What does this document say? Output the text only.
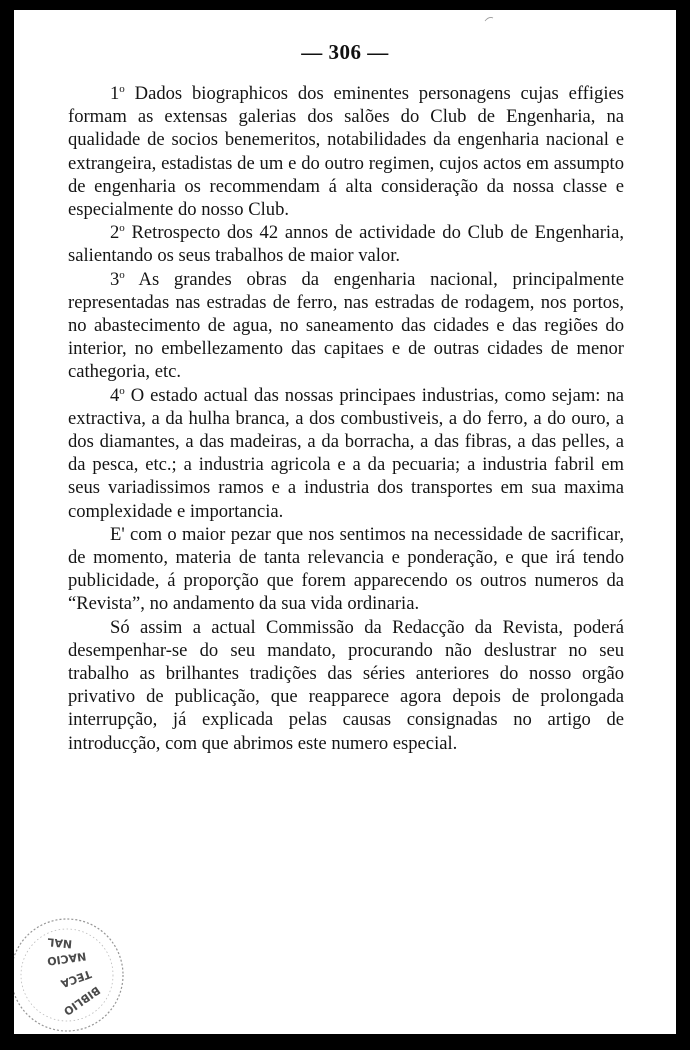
— 306 —

1$^o$ Dados biographicos dos eminentes personagens cujas effigies formam as extensas galerias dos salões do Club de Engenharia, na qualidade de socios benemeritos, notabilidades da engenharia nacional e extrangeira, estadistas de um e do outro regimen, cujos actos em assumpto de engenharia os recommendam á alta consideração da nossa classe e especialmente do nosso Club.

2$^o$ Retrospecto dos 42 annos de actividade do Club de Engenharia, salientando os seus trabalhos de maior valor.

3$^o$ As grandes obras da engenharia nacional, principalmente representadas nas estradas de ferro, nas estradas de rodagem, nos portos, no abastecimento de agua, no saneamento das cidades e das regiões do interior, no embellezamento das capitaes e de outras cidades de menor cathegoria, etc.

4$^o$ O estado actual das nossas principaes industrias, como sejam: na extractiva, a da hulha branca, a dos combustiveis, a do ferro, a do ouro, a dos diamantes, a das madeiras, a da borracha, a das fibras, a das pelles, a da pesca, etc.; a industria agricola e a da pecuaria; a industria fabril em seus variadissimos ramos e a industria dos transportes em sua maxima complexidade e importancia.

E' com o maior pezar que nos sentimos na necessidade de sacrificar, de momento, materia de tanta relevancia e ponderação, e que irá tendo publicidade, á proporção que forem apparecendo os outros numeros da “Revista”, no andamento da sua vida ordinaria.

Só assim a actual Commissão da Redacção da Revista, poderá desempenhar-se do seu mandato, procurando não deslustrar no seu trabalho as brilhantes tradições das séries anteriores do nosso orgão privativo de publicação, que reapparece agora depois de prolongada interrupção, já explicada pelas causas consignadas no artigo de introducção, com que abrimos este numero especial.

BIBLIO
TECA
NACIO
NAL
